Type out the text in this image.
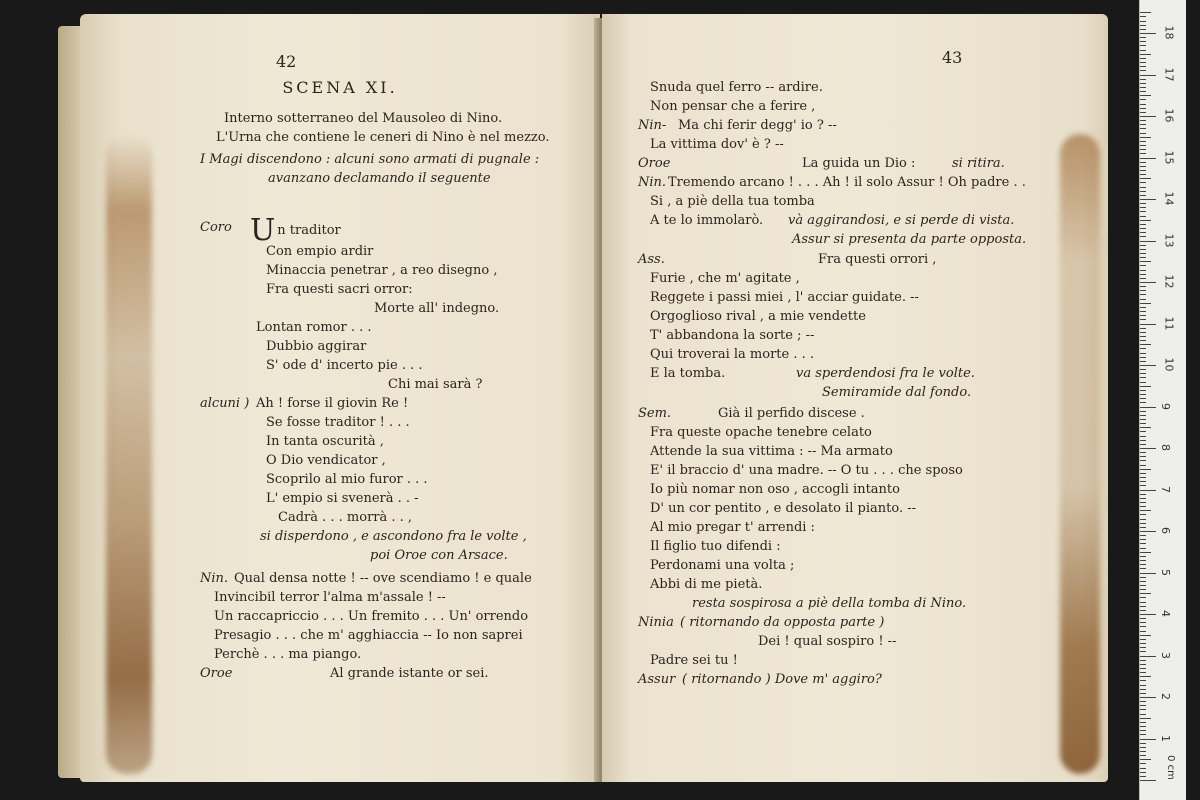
42
SCENA XI.
Interno sotterraneo del Mausoleo di Nino.
L'Urna che contiene le ceneri di Nino è nel mezzo.
I Magi discendono : alcuni sono armati di pugnale :
avanzano declamando il seguente
Coro Un traditor
Con empio ardir
Minaccia penetrar , a reo disegno ,
Fra questi sacri orror:
Morte all' indegno.
Lontan romor . . .
Dubbio aggirar
S' ode d' incerto pie . . .
Chi mai sarà ?
alcuni ) Ah ! forse il giovin Re !
Se fosse traditor ! . . .
In tanta oscurità ,
O Dio vendicator ,
Scoprilo al mio furor . . .
L' empio si svenerà . . -
Cadrà . . . morrà . . ,
si disperdono , e ascondono fra le volte ,
poi Oroe con Arsace.
Nin. Qual densa notte ! -- ove scendiamo ! e quale
Invincibil terror l'alma m'assale ! --
Un raccapriccio . . . Un fremito . . . Un' orrendo
Presagio . . . che m' agghiaccia -- Io non saprei
Perchè . . . ma piango.
Oroe	Al grande istante or sei.
43
Snuda quel ferro -- ardire.
Non pensar che a ferire ,
Nin- Ma chi ferir degg' io ? --
La vittima dov' è ? --
Oroe	La guida un Dio :	si ritira.
Nin. Tremendo arcano ! . . . Ah ! il solo Assur ! Oh padre . .
Si , a piè della tua tomba
A te lo immolarò. và aggirandosi, e si perde di vista.
Assur si presenta da parte opposta.
Ass.	Fra questi orrori ,
Furie , che m' agitate ,
Reggete i passi miei , l' acciar guidate. --
Orgoglioso rival , a mie vendette
T' abbandona la sorte ; --
Qui troverai la morte . . .
E la tomba.	va sperdendosi fra le volte.
Semiramide dal fondo.
Sem.	Già il perfido discese .
Fra queste opache tenebre celato
Attende la sua vittima : -- Ma armato
E' il braccio d' una madre. -- O tu . . . che sposo
Io più nomar non oso , accogli intanto
D' un cor pentito , e desolato il pianto. --
Al mio pregar t' arrendi :
Il figlio tuo difendi :
Perdonami una volta ;
Abbi di me pietà.
resta sospirosa a piè della tomba di Nino.
Ninia ( ritornando da opposta parte )
Dei ! qual sospiro ! --
Padre sei tu !
Assur ( ritornando ) Dove m' aggiro?
0 cm
1
2
3
4
5
6
7
8
9
10
11
12
13
14
15
16
17
18
